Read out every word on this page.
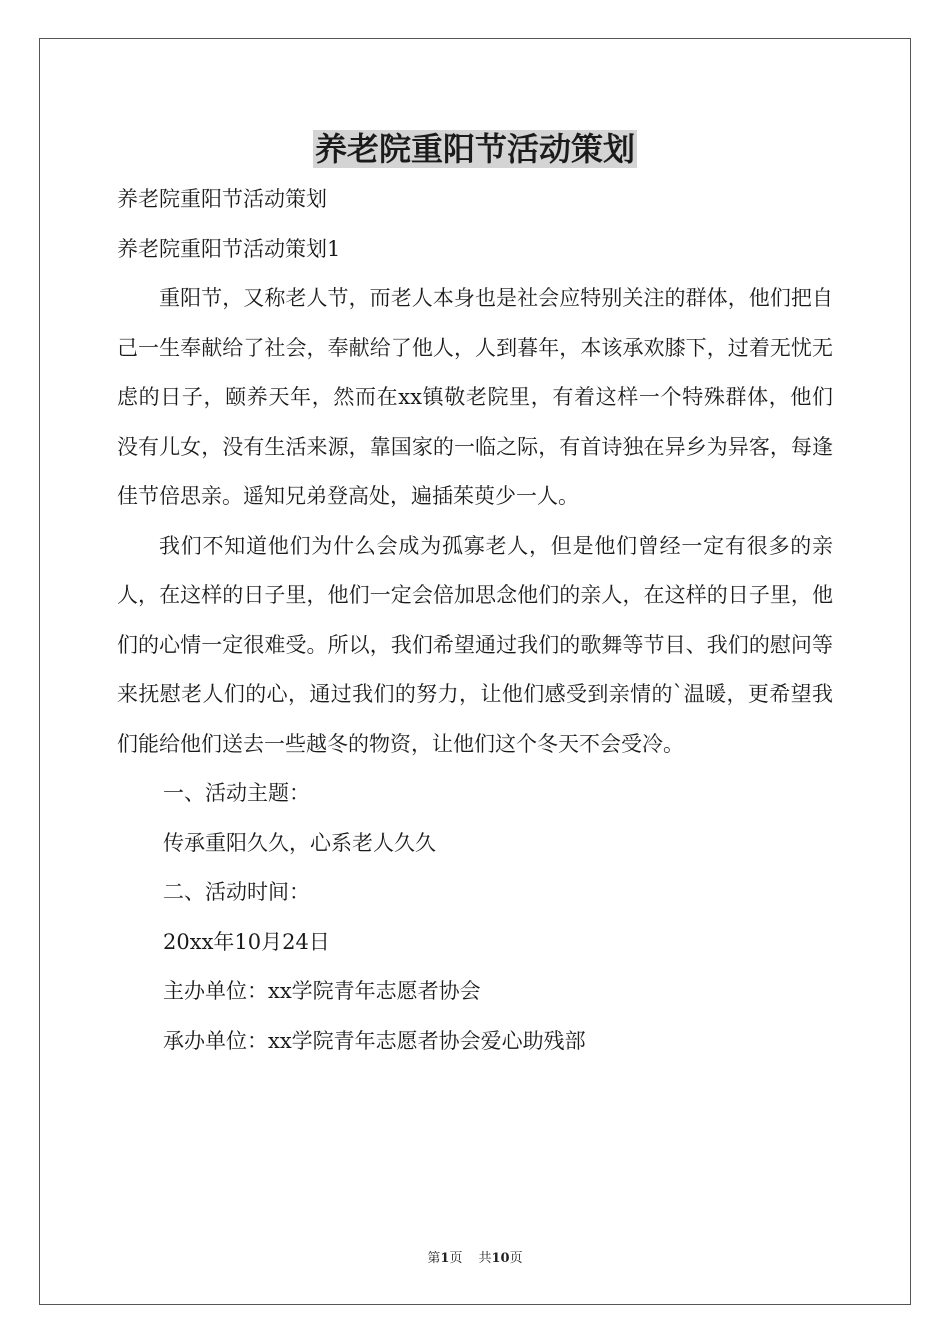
养老院重阳节活动策划

养老院重阳节活动策划

养老院重阳节活动策划1

重阳节，又称老人节，而老人本身也是社会应特别关注的群体，他们把自己一生奉献给了社会，奉献给了他人，人到暮年，本该承欢膝下，过着无忧无虑的日子，颐养天年，然而在xx镇敬老院里，有着这样一个特殊群体，他们没有儿女，没有生活来源，靠国家的一临之际，有首诗独在异乡为异客，每逢佳节倍思亲。遥知兄弟登高处，遍插茱萸少一人。

我们不知道他们为什么会成为孤寡老人，但是他们曾经一定有很多的亲人，在这样的日子里，他们一定会倍加思念他们的亲人，在这样的日子里，他们的心情一定很难受。所以，我们希望通过我们的歌舞等节目、我们的慰问等来抚慰老人们的心，通过我们的努力，让他们感受到亲情的`温暖，更希望我们能给他们送去一些越冬的物资，让他们这个冬天不会受冷。

一、活动主题：

传承重阳久久，心系老人久久

二、活动时间：

20xx年10月24日

主办单位：xx学院青年志愿者协会

承办单位：xx学院青年志愿者协会爱心助残部

第1页 共10页
